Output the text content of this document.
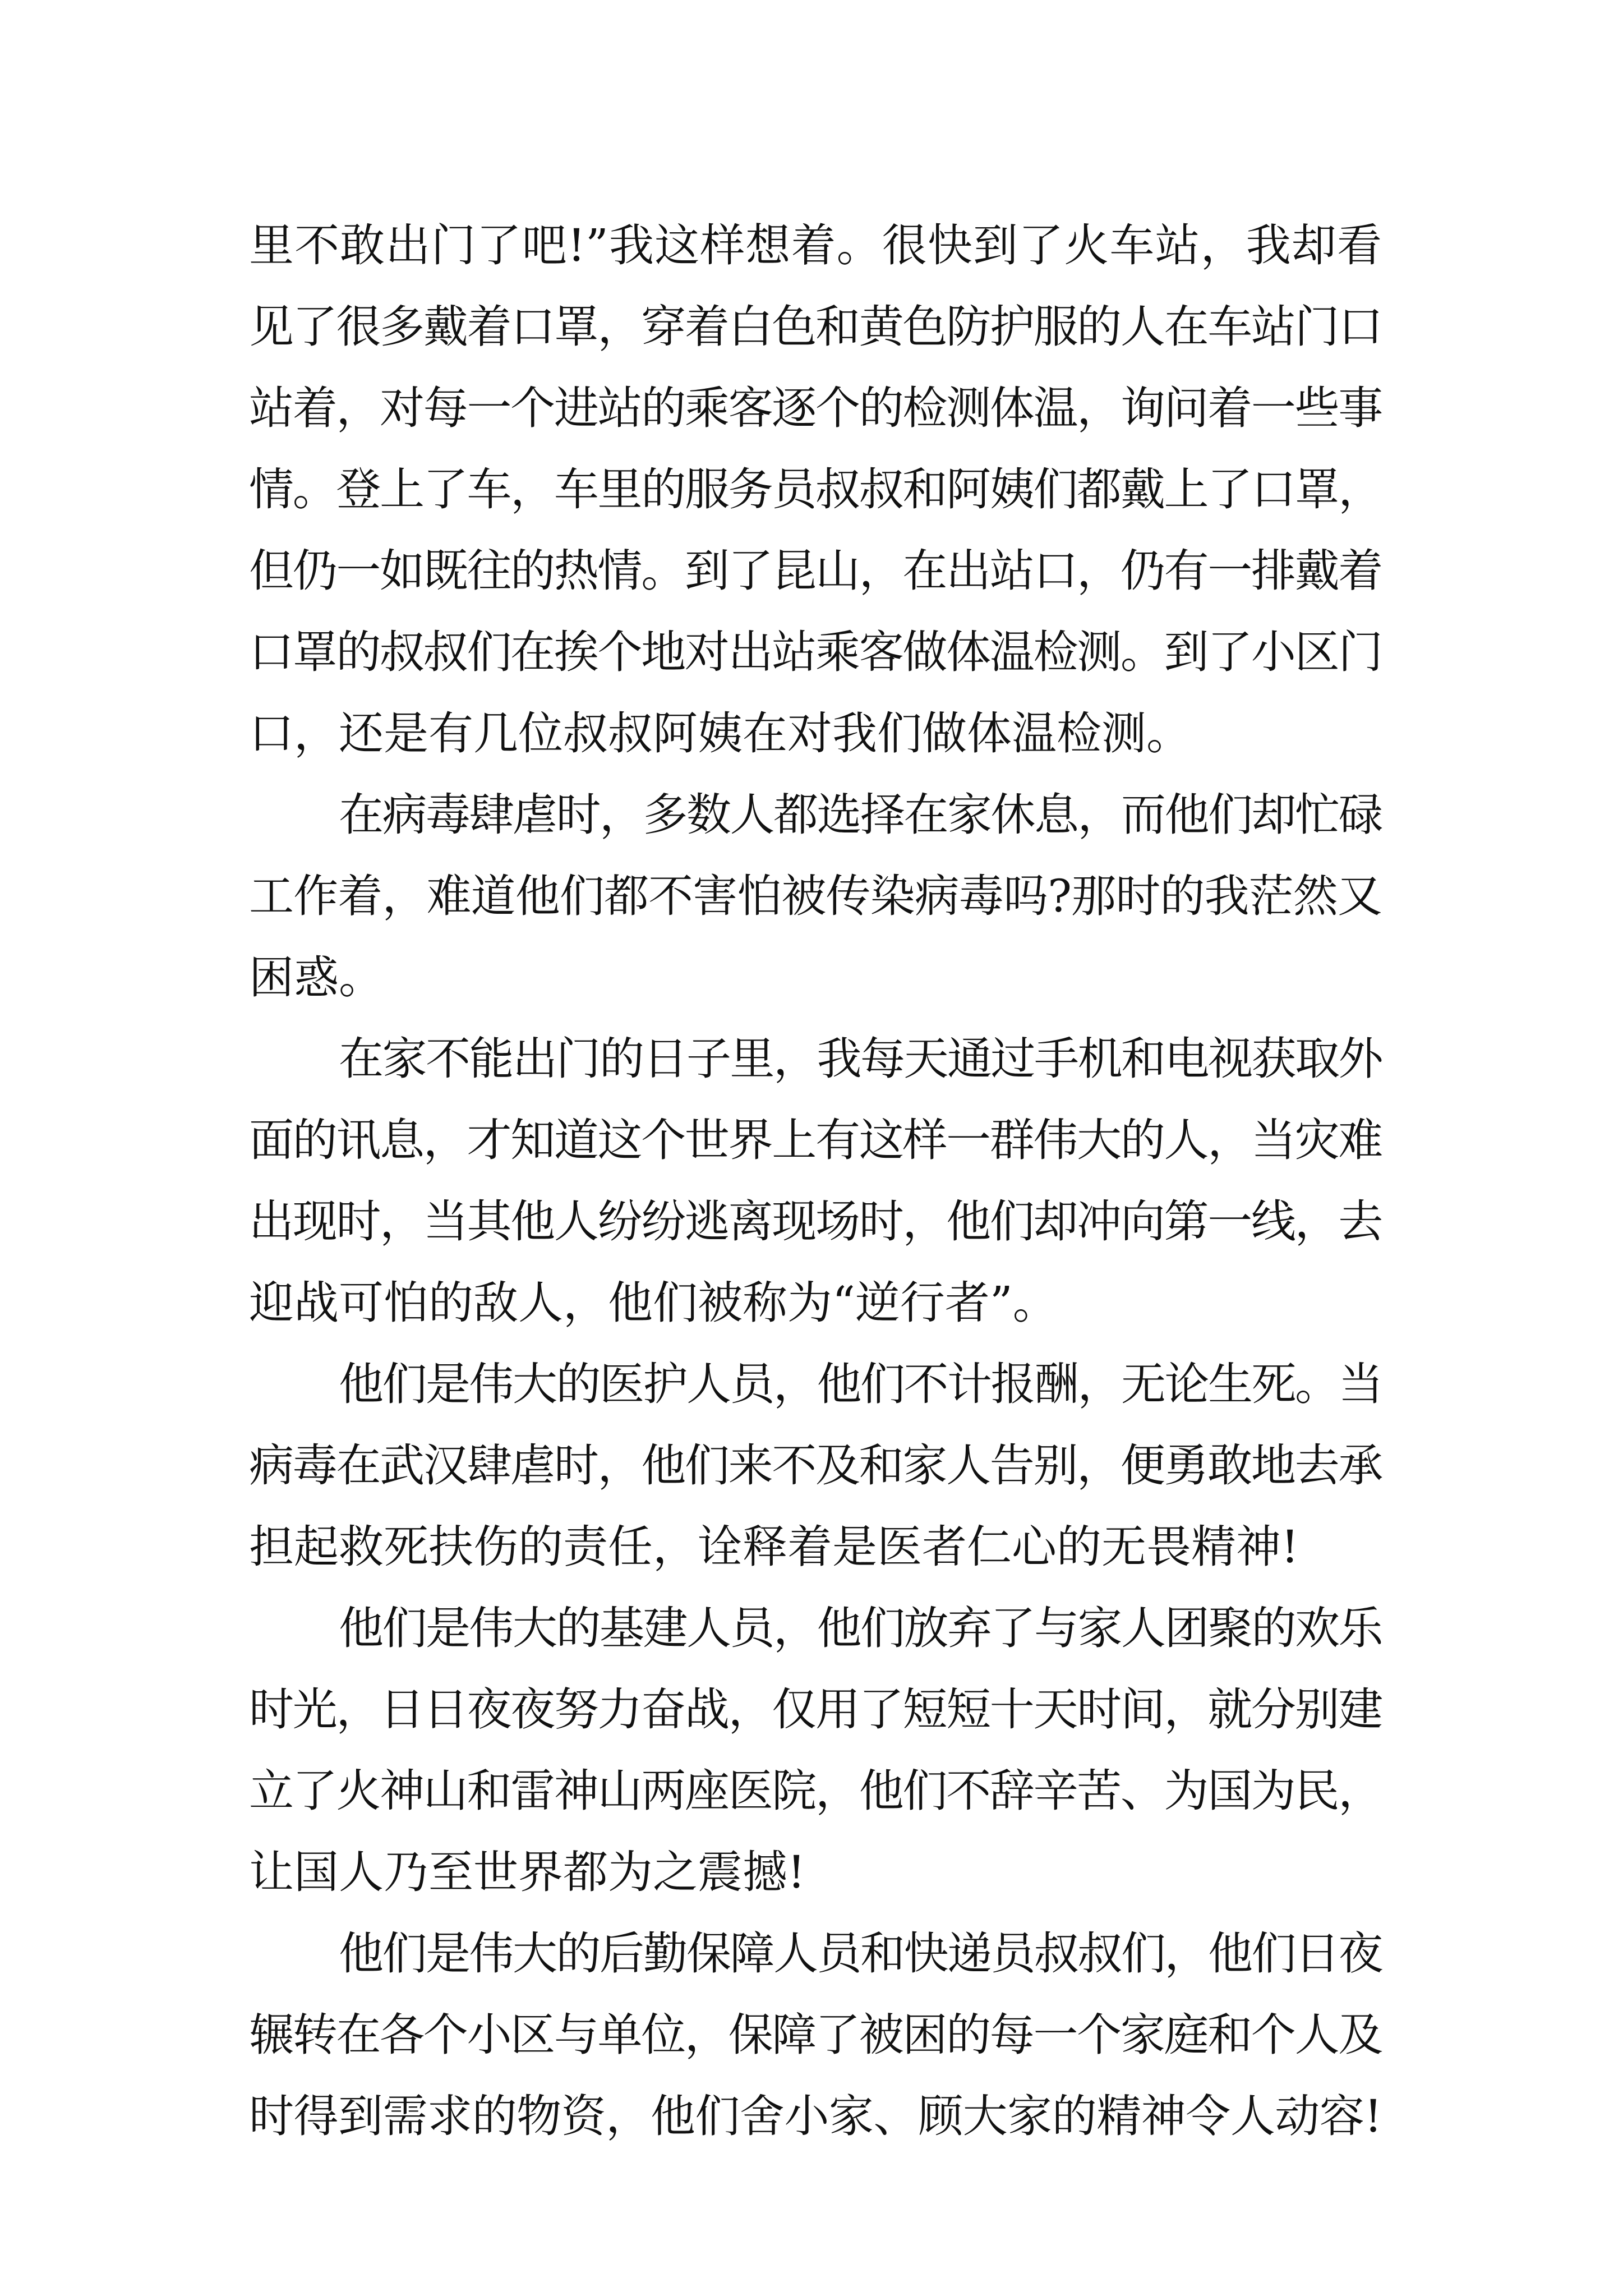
里不敢出门了吧!”我这样想着。很快到了火车站，我却看
见了很多戴着口罩，穿着白色和黄色防护服的人在车站门口
站着，对每一个进站的乘客逐个的检测体温，询问着一些事
情。登上了车，车里的服务员叔叔和阿姨们都戴上了口罩，
但仍一如既往的热情。到了昆山，在出站口，仍有一排戴着
口罩的叔叔们在挨个地对出站乘客做体温检测。到了小区门
口，还是有几位叔叔阿姨在对我们做体温检测。
在病毒肆虐时，多数人都选择在家休息，而他们却忙碌
工作着，难道他们都不害怕被传染病毒吗?那时的我茫然又
困惑。
在家不能出门的日子里，我每天通过手机和电视获取外
面的讯息，才知道这个世界上有这样一群伟大的人，当灾难
出现时，当其他人纷纷逃离现场时，他们却冲向第一线，去
迎战可怕的敌人，他们被称为“逆行者”。
他们是伟大的医护人员，他们不计报酬，无论生死。当
病毒在武汉肆虐时，他们来不及和家人告别，便勇敢地去承
担起救死扶伤的责任，诠释着是医者仁心的无畏精神!
他们是伟大的基建人员，他们放弃了与家人团聚的欢乐
时光，日日夜夜努力奋战，仅用了短短十天时间，就分别建
立了火神山和雷神山两座医院，他们不辞辛苦、为国为民，
让国人乃至世界都为之震撼!
他们是伟大的后勤保障人员和快递员叔叔们，他们日夜
辗转在各个小区与单位，保障了被困的每一个家庭和个人及
时得到需求的物资，他们舍小家、顾大家的精神令人动容!
